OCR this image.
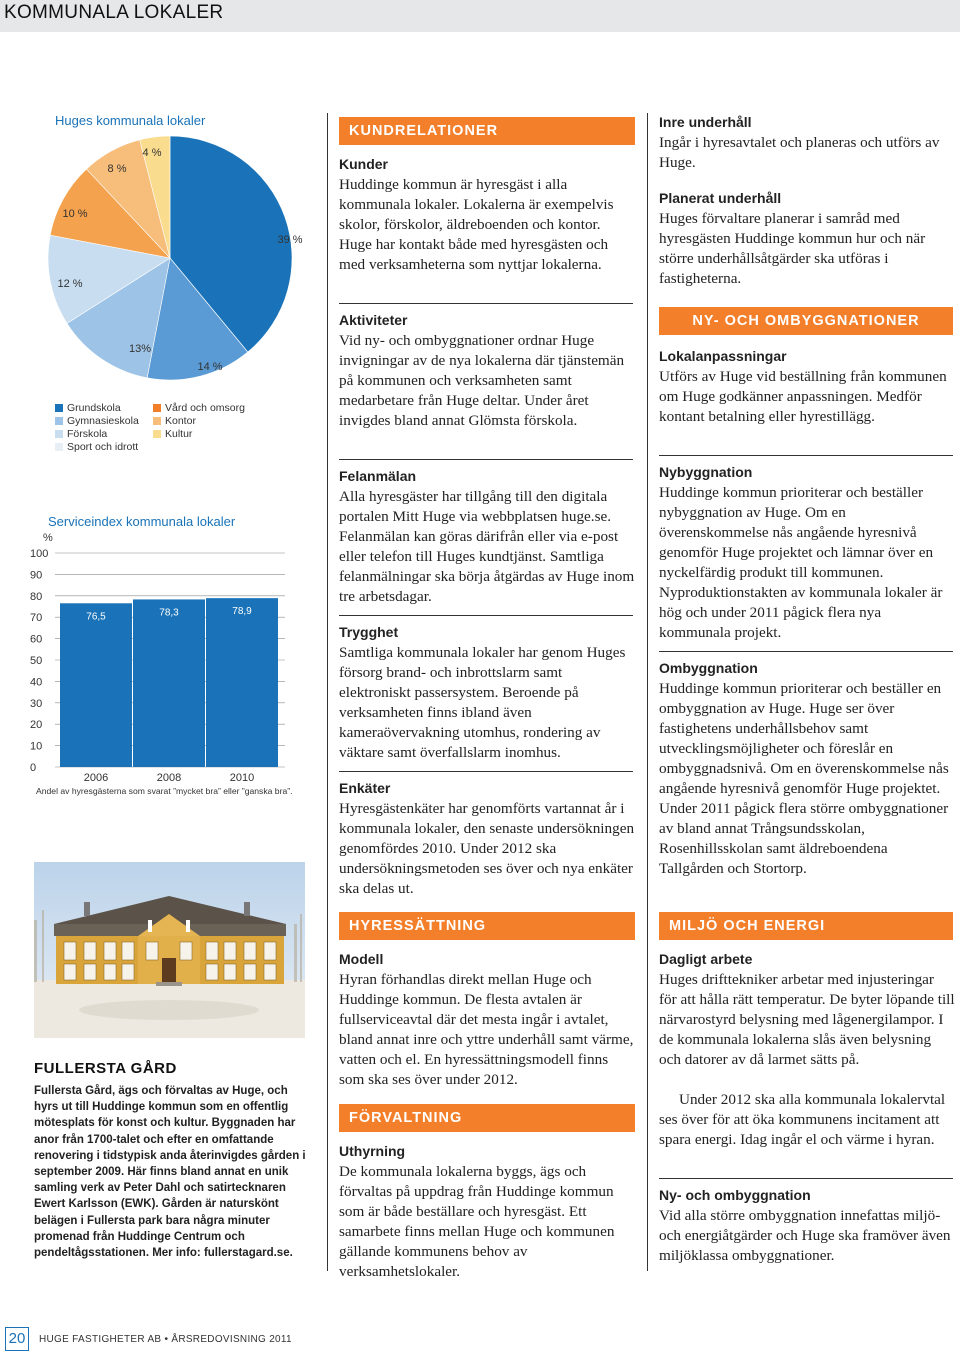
KOMMUNALA LOKALER
Huges kommunala lokaler
39 %
14 %
13%
12 %
10 %
8 %
4 %
Grundskola
Gymnasieskola
Förskola
Sport och idrott
Vård och omsorg
Kontor
Kultur
Serviceindex kommunala lokaler
0
10
20
30
40
50
60
70
80
90
100
%
76,5
2006
78,3
2008
78,9
2010
Andel av hyresgästerna som svarat ”mycket bra” eller ”ganska bra”.
FULLERSTA GÅRD
Fullersta Gård, ägs och förvaltas av Huge, och hyrs ut till Huddinge kommun som en offentlig mötesplats för konst och kultur. Byggnaden har anor från 1700-talet och efter en omfattande renovering i tidstypisk anda återinvigdes gården i september 2009. Här finns bland annat en unik samling verk av Peter Dahl och satirtecknaren Ewert Karlsson (EWK). Gården är naturskönt belägen i Fullersta park bara några minuter promenad från Huddinge Centrum och pendeltågsstationen. Mer info: fullerstagard.se.
KUNDRELATIONER
Kunder
Huddinge kommun är hyresgäst i alla kommunala lokaler. Lokalerna är exempelvis skolor, förskolor, äldreboenden och kontor. Huge har kontakt både med hyresgästen och med verksamheterna som nyttjar lokalerna.
Aktiviteter
Vid ny- och ombyggnationer ordnar Huge invigningar av de nya lokalerna där tjänstemän på kommunen och verksamheten samt medarbetare från Huge deltar. Under året invigdes bland annat Glömsta förskola.
Felanmälan
Alla hyresgäster har tillgång till den digitala portalen Mitt Huge via webbplatsen huge.se. Felanmälan kan göras därifrån eller via e-post eller telefon till Huges kundtjänst. Samtliga felanmälningar ska börja åtgärdas av Huge inom tre arbetsdagar.
Trygghet
Samtliga kommunala lokaler har genom Huges försorg brand- och inbrottslarm samt elektroniskt passersystem. Beroende på verksamheten finns ibland även kameraövervakning utomhus, rondering av väktare samt överfallslarm inomhus.
Enkäter
Hyresgästenkäter har genomförts vartannat år i kommunala lokaler, den senaste undersökningen genomfördes 2010. Under 2012 ska undersökningsmetoden ses över och nya enkäter ska delas ut.
HYRESSÄTTNING
Modell
Hyran förhandlas direkt mellan Huge och Huddinge kommun. De flesta avtalen är fullserviceavtal där det mesta ingår i avtalet, bland annat inre och yttre underhåll samt värme, vatten och el. En hyressättningsmodell finns som ska ses över under 2012.
FÖRVALTNING
Uthyrning
De kommunala lokalerna byggs, ägs och förvaltas på uppdrag från Huddinge kommun som är både beställare och hyresgäst. Ett samarbete finns mellan Huge och kommunen gällande kommunens behov av verksamhetslokaler.
Inre underhåll
Ingår i hyresavtalet och planeras och utförs av Huge.
Planerat underhåll
Huges förvaltare planerar i samråd med hyresgästen Huddinge kommun hur och när större underhållsåtgärder ska utföras i fastigheterna.
NY- OCH OMBYGGNATIONER
Lokalanpassningar
Utförs av Huge vid beställning från kommunen om Huge godkänner anpassningen. Medför kontant betalning eller hyrestillägg.
Nybyggnation
Huddinge kommun prioriterar och beställer nybyggnation av Huge. Om en överenskommelse nås angående hyresnivå genomför Huge projektet och lämnar över en nyckelfärdig produkt till kommunen. Nyproduktionstakten av kommunala lokaler är hög och under 2011 pågick flera nya kommunala projekt.
Ombyggnation
Huddinge kommun prioriterar och beställer en ombyggnation av Huge. Huge ser över fastighetens underhållsbehov samt utvecklingsmöjligheter och föreslår en ombyggnadsnivå. Om en överenskommelse nås angående hyresnivå genomför Huge projektet. Under 2011 pågick flera större ombyggnationer av bland annat Trångsundsskolan, Rosenhillsskolan samt äldreboendena Tallgården och Stortorp.
MILJÖ OCH ENERGI
Dagligt arbete
Huges drifttekniker arbetar med injusteringar för att hålla rätt temperatur. De byter löpande till närvarostyrd belysning med lågenergilampor. I de kommunala lokalerna slås även belysning och datorer av då larmet sätts på.
Under 2012 ska alla kommunala lokalervtal ses över för att öka kommunens incitament att spara energi. Idag ingår el och värme i hyran.
Ny- och ombyggnation
Vid alla större ombyggnation innefattas miljö- och energiåtgärder och Huge ska framöver även miljöklassa ombyggnationer.
20	HUGE FASTIGHETER AB • ÅRSREDOVISNING 2011
